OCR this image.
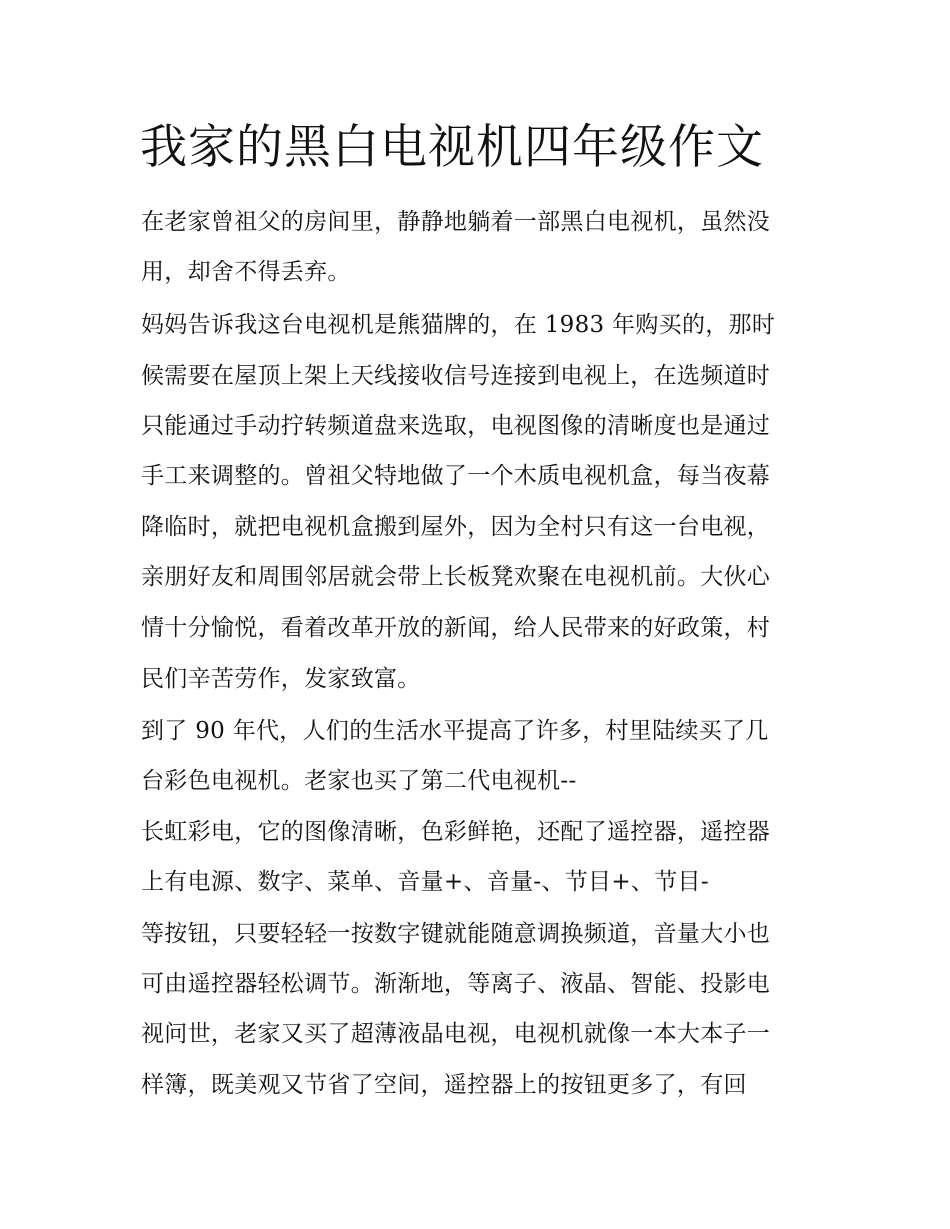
我家的黑白电视机四年级作文
在老家曾祖父的房间里，静静地躺着一部黑白电视机，虽然没
用，却舍不得丢弃。
妈妈告诉我这台电视机是熊猫牌的，在 1983 年购买的，那时
候需要在屋顶上架上天线接收信号连接到电视上，在选频道时
只能通过手动拧转频道盘来选取，电视图像的清晰度也是通过
手工来调整的。曾祖父特地做了一个木质电视机盒，每当夜幕
降临时，就把电视机盒搬到屋外，因为全村只有这一台电视，
亲朋好友和周围邻居就会带上长板凳欢聚在电视机前。大伙心
情十分愉悦，看着改革开放的新闻，给人民带来的好政策，村
民们辛苦劳作，发家致富。
到了 90 年代，人们的生活水平提高了许多，村里陆续买了几
台彩色电视机。老家也买了第二代电视机--
长虹彩电，它的图像清晰，色彩鲜艳，还配了遥控器，遥控器
上有电源、数字、菜单、音量+、音量-、节目+、节目-
等按钮，只要轻轻一按数字键就能随意调换频道，音量大小也
可由遥控器轻松调节。渐渐地，等离子、液晶、智能、投影电
视问世，老家又买了超薄液晶电视，电视机就像一本大本子一
样簿，既美观又节省了空间，遥控器上的按钮更多了，有回
